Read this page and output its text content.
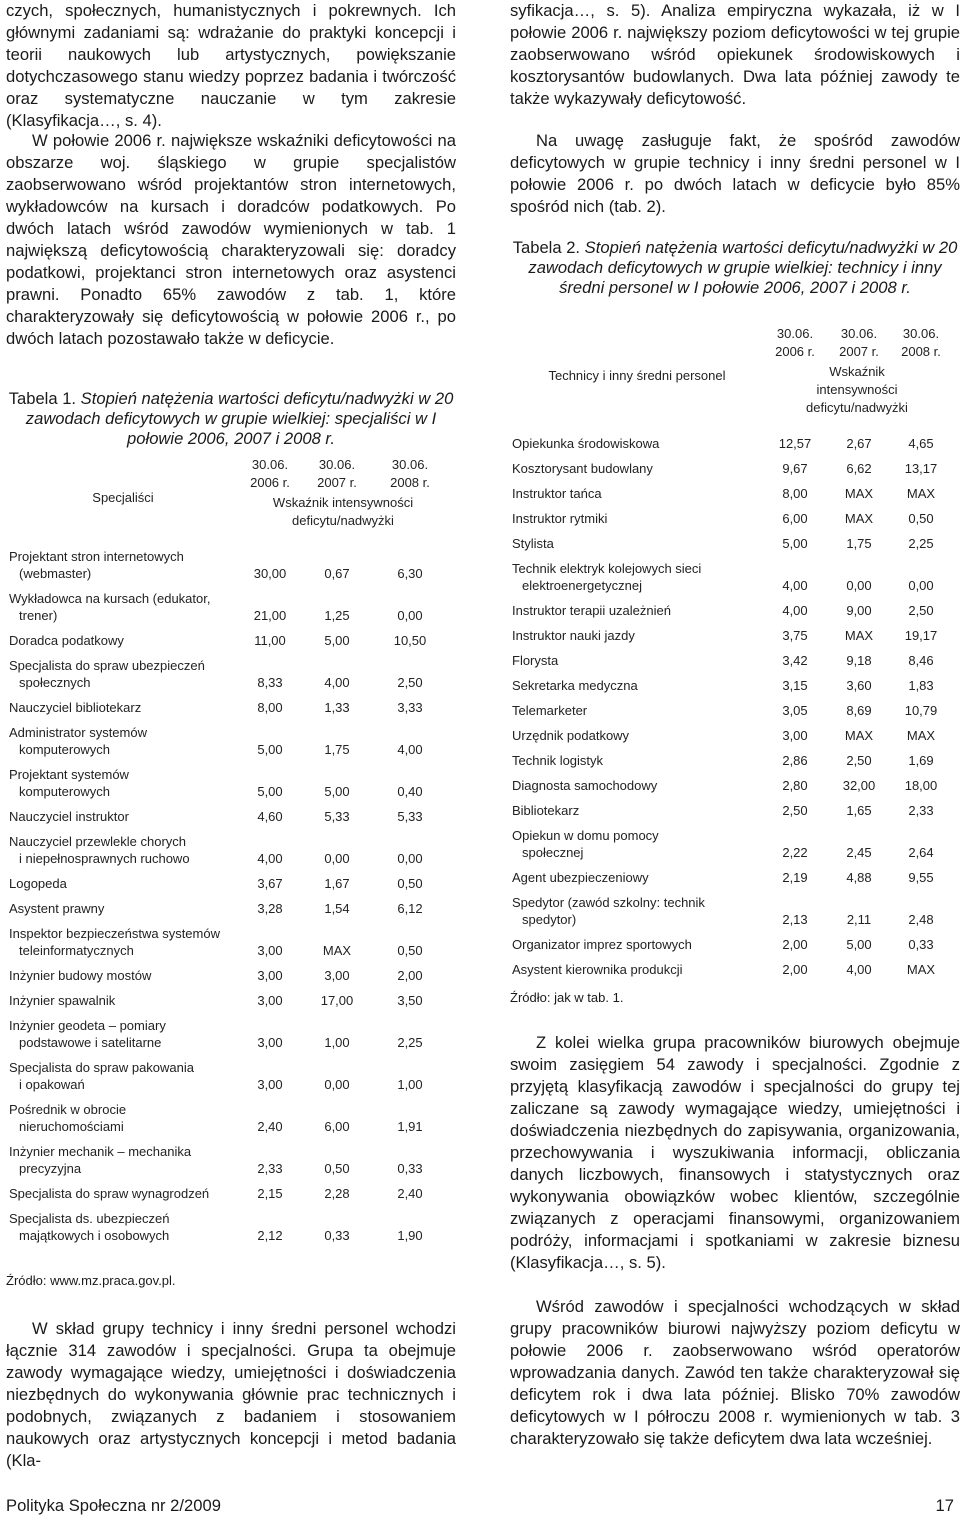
czych, społecznych, humanistycznych i pokrewnych. Ich głównymi zadaniami są: wdrażanie do praktyki koncepcji i teorii naukowych lub artystycznych, powiększanie dotychczasowego stanu wiedzy poprzez badania i twórczość oraz systematyczne nauczanie w tym zakresie (Klasyfikacja…, s. 4).

W połowie 2006 r. największe wskaźniki deficytowości na obszarze woj. śląskiego w grupie specjalistów zaobserwowano wśród projektantów stron internetowych, wykładowców na kursach i doradców podatkowych. Po dwóch latach wśród zawodów wymienionych w tab. 1 największą deficytowością charakteryzowali się: doradcy podatkowi, projektanci stron internetowych oraz asystenci prawni. Ponadto 65% zawodów z tab. 1, które charakteryzowały się deficytowością w połowie 2006 r., po dwóch latach pozostawało także w deficycie.

Tabela 1. Stopień natężenia wartości deficytu/nadwyżki w 20 zawodach deficytowych w grupie wielkiej: specjaliści w I połowie 2006, 2007 i 2008 r.
Specjaliści	30.06. 2006 r.	30.06. 2007 r.	30.06. 2008 r.
	Wskaźnik intensywności deficytu/nadwyżki		

Projektant stron internetowych
(webmaster)	30,00	0,67	6,30

Wykładowca na kursach (edukator,
trener)	21,00	1,25	0,00

Doradca podatkowy	11,00	5,00	10,50

Specjalista do spraw ubezpieczeń
społecznych	8,33	4,00	2,50

Nauczyciel bibliotekarz	8,00	1,33	3,33

Administrator systemów
komputerowych	5,00	1,75	4,00

Projektant systemów
komputerowych	5,00	5,00	0,40

Nauczyciel instruktor	4,60	5,33	5,33

Nauczyciel przewlekle chorych
i niepełnosprawnych ruchowo	4,00	0,00	0,00

Logopeda	3,67	1,67	0,50

Asystent prawny	3,28	1,54	6,12

Inspektor bezpieczeństwa systemów
teleinformatycznych	3,00	MAX	0,50

Inżynier budowy mostów	3,00	3,00	2,00

Inżynier spawalnik	3,00	17,00	3,50

Inżynier geodeta – pomiary
podstawowe i satelitarne	3,00	1,00	2,25

Specjalista do spraw pakowania
i opakowań	3,00	0,00	1,00

Pośrednik w obrocie
nieruchomościami	2,40	6,00	1,91

Inżynier mechanik – mechanika
precyzyjna	2,33	0,50	0,33

Specjalista do spraw wynagrodzeń	2,15	2,28	2,40

Specjalista ds. ubezpieczeń
majątkowych i osobowych	2,12	0,33	1,90
Źródło: www.mz.praca.gov.pl.

W skład grupy technicy i inny średni personel wchodzi łącznie 314 zawodów i specjalności. Grupa ta obejmuje zawody wymagające wiedzy, umiejętności i doświadczenia niezbędnych do wykonywania głównie prac technicznych i podobnych, związanych z badaniem i stosowaniem naukowych oraz artystycznych koncepcji i metod badania (Kla-

syfikacja…, s. 5). Analiza empiryczna wykazała, iż w I połowie 2006 r. największy poziom deficytowości w tej grupie zaobserwowano wśród opiekunek środowiskowych i kosztorysantów budowlanych. Dwa lata później zawody te także wykazywały deficytowość.

Na uwagę zasługuje fakt, że spośród zawodów deficytowych w grupie technicy i inny średni personel w I połowie 2006 r. po dwóch latach w deficycie było 85% spośród nich (tab. 2).

Tabela 2. Stopień natężenia wartości deficytu/nadwyżki w 20 zawodach deficytowych w grupie wielkiej: technicy i inny średni personel w I połowie 2006, 2007 i 2008 r.
Technicy i inny średni personel	30.06. 2006 r.	30.06. 2007 r.	30.06. 2008 r.
	Wskaźnik intensywności deficytu/nadwyżki		

Opiekunka środowiskowa	12,57	2,67	4,65

Kosztorysant budowlany	9,67	6,62	13,17

Instruktor tańca	8,00	MAX	MAX

Instruktor rytmiki	6,00	MAX	0,50

Stylista	5,00	1,75	2,25

Technik elektryk kolejowych sieci
elektroenergetycznej	4,00	0,00	0,00

Instruktor terapii uzależnień	4,00	9,00	2,50

Instruktor nauki jazdy	3,75	MAX	19,17

Florysta	3,42	9,18	8,46

Sekretarka medyczna	3,15	3,60	1,83

Telemarketer	3,05	8,69	10,79

Urzędnik podatkowy	3,00	MAX	MAX

Technik logistyk	2,86	2,50	1,69

Diagnosta samochodowy	2,80	32,00	18,00

Bibliotekarz	2,50	1,65	2,33

Opiekun w domu pomocy
społecznej	2,22	2,45	2,64

Agent ubezpieczeniowy	2,19	4,88	9,55

Spedytor (zawód szkolny: technik
spedytor)	2,13	2,11	2,48

Organizator imprez sportowych	2,00	5,00	0,33

Asystent kierownika produkcji	2,00	4,00	MAX
Źródło: jak w tab. 1.

Z kolei wielka grupa pracowników biurowych obejmuje swoim zasięgiem 54 zawody i specjalności. Zgodnie z przyjętą klasyfikacją zawodów i specjalności do grupy tej zaliczane są zawody wymagające wiedzy, umiejętności i doświadczenia niezbędnych do zapisywania, organizowania, przechowywania i wyszukiwania informacji, obliczania danych liczbowych, finansowych i statystycznych oraz wykonywania obowiązków wobec klientów, szczególnie związanych z operacjami finansowymi, organizowaniem podróży, informacjami i spotkaniami w zakresie biznesu (Klasyfikacja…, s. 5).

Wśród zawodów i specjalności wchodzących w skład grupy pracowników biurowi najwyższy poziom deficytu w połowie 2006 r. zaobserwowano wśród operatorów wprowadzania danych. Zawód ten także charakteryzował się deficytem rok i dwa lata później. Blisko 70% zawodów deficytowych w I półroczu 2008 r. wymienionych w tab. 3 charakteryzowało się także deficytem dwa lata wcześniej.

Polityka Społeczna nr 2/2009	17
